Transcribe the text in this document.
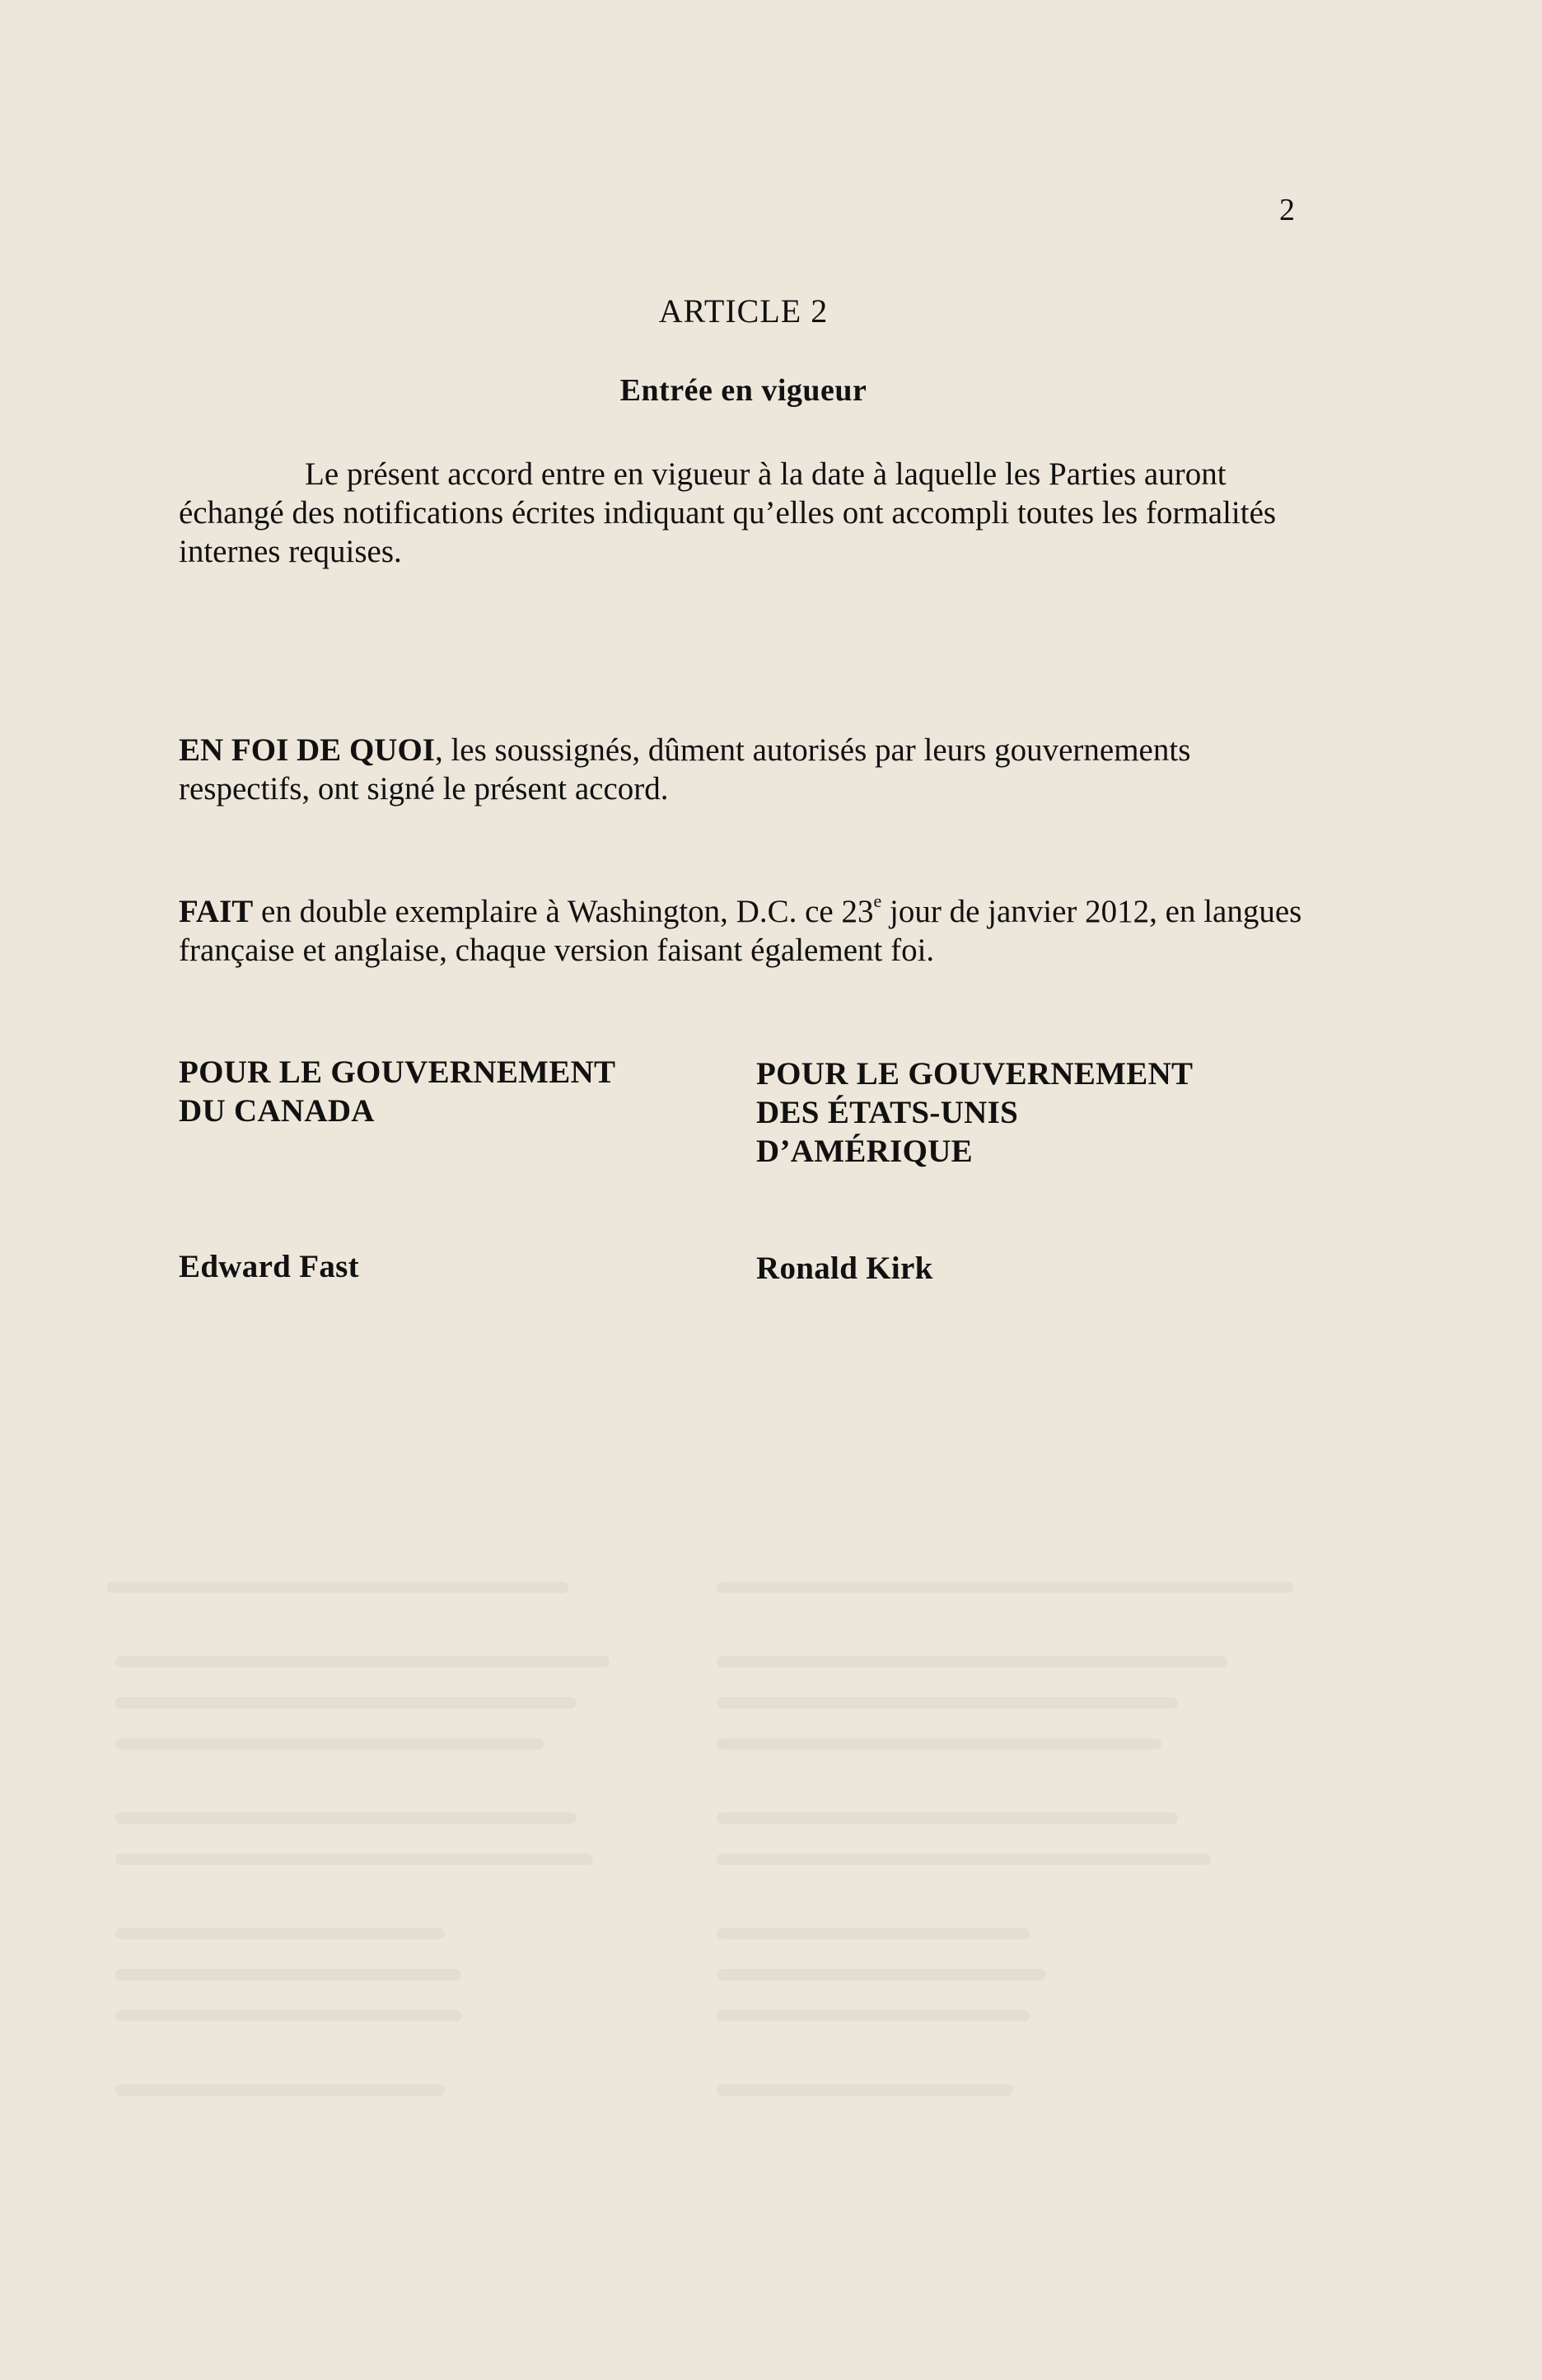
2
ARTICLE 2
Entrée en vigueur
Le présent accord entre en vigueur à la date à laquelle les Parties auront échangé des notifications écrites indiquant qu’elles ont accompli toutes les formalités internes requises.
EN FOI DE QUOI, les soussignés, dûment autorisés par leurs gouvernements respectifs, ont signé le présent accord.
FAIT en double exemplaire à Washington, D.C. ce 23e jour de janvier 2012, en langues française et anglaise, chaque version faisant également foi.
POUR LE GOUVERNEMENT
DU CANADA
POUR LE GOUVERNEMENT
DES ÉTATS-UNIS
D’AMÉRIQUE
Edward Fast	Ronald Kirk
